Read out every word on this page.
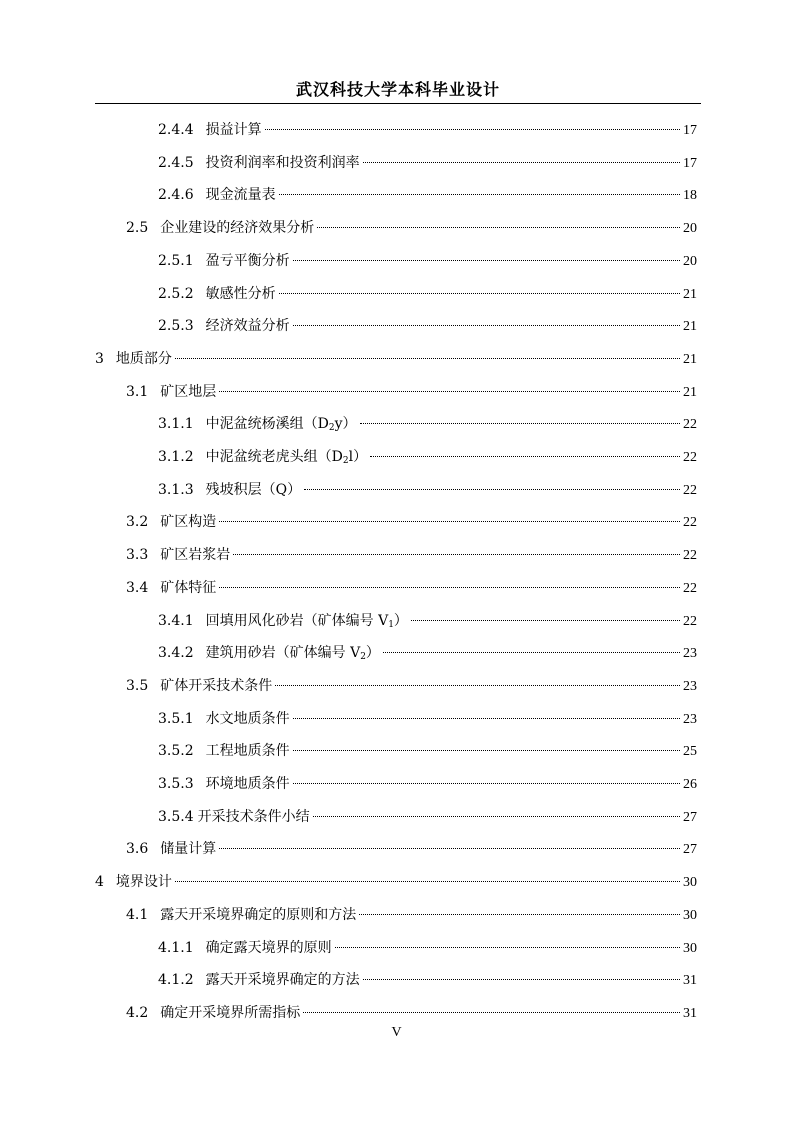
武汉科技大学本科毕业设计
2.4.4 损益计算	17
2.4.5 投资利润率和投资利润率	17
2.4.6 现金流量表	18
2.5 企业建设的经济效果分析	20
2.5.1 盈亏平衡分析	20
2.5.2 敏感性分析	21
2.5.3 经济效益分析	21
3 地质部分	21
3.1 矿区地层	21
3.1.1 中泥盆统杨溪组$(D_2y)$	22
3.1.2 中泥盆统老虎头组$(D_2l)$	22
3.1.3 残坡积层（Q）	22
3.2 矿区构造	22
3.3 矿区岩浆岩	22
3.4 矿体特征	22
3.4.1 回填用风化砂岩（矿体编号 $V_1$）	22
3.4.2 建筑用砂岩（矿体编号 $V_2$）	23
3.5 矿体开采技术条件	23
3.5.1 水文地质条件	23
3.5.2 工程地质条件	25
3.5.3 环境地质条件	26
3.5.4 开采技术条件小结	27
3.6 储量计算	27
4 境界设计	30
4.1 露天开采境界确定的原则和方法	30
4.1.1 确定露天境界的原则	30
4.1.2 露天开采境界确定的方法	31
4.2 确定开采境界所需指标	31
V
